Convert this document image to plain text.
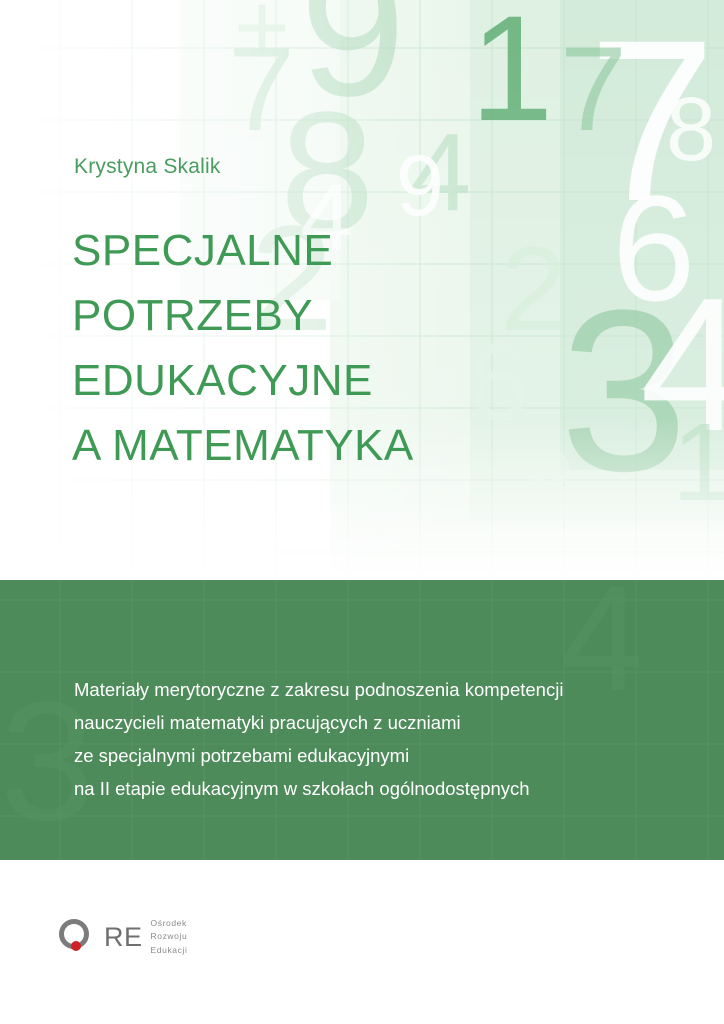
Krystyna Skalik
SPECJALNE
POTRZEBY
EDUKACYJNE
A MATEMATYKA
3
4
Materiały merytoryczne z zakresu podnoszenia kompetencji
nauczycieli matematyki pracujących z uczniami
ze specjalnymi potrzebami edukacyjnymi
na II etapie edukacyjnym w szkołach ogólnodostępnych
RE Ośrodek
Rozwoju
Edukacji
